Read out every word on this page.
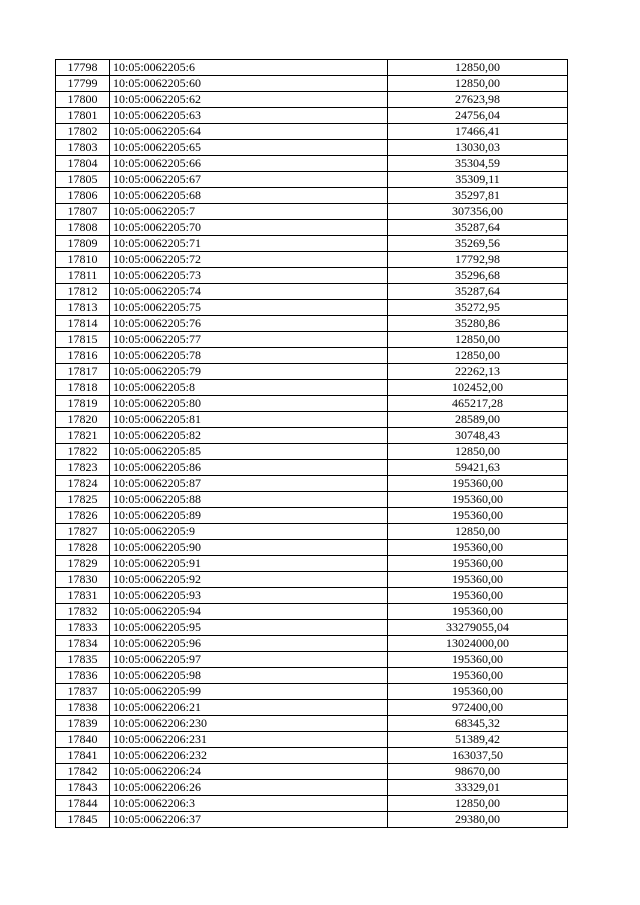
17798	10:05:0062205:6	12850,00
17799	10:05:0062205:60	12850,00
17800	10:05:0062205:62	27623,98
17801	10:05:0062205:63	24756,04
17802	10:05:0062205:64	17466,41
17803	10:05:0062205:65	13030,03
17804	10:05:0062205:66	35304,59
17805	10:05:0062205:67	35309,11
17806	10:05:0062205:68	35297,81
17807	10:05:0062205:7	307356,00
17808	10:05:0062205:70	35287,64
17809	10:05:0062205:71	35269,56
17810	10:05:0062205:72	17792,98
17811	10:05:0062205:73	35296,68
17812	10:05:0062205:74	35287,64
17813	10:05:0062205:75	35272,95
17814	10:05:0062205:76	35280,86
17815	10:05:0062205:77	12850,00
17816	10:05:0062205:78	12850,00
17817	10:05:0062205:79	22262,13
17818	10:05:0062205:8	102452,00
17819	10:05:0062205:80	465217,28
17820	10:05:0062205:81	28589,00
17821	10:05:0062205:82	30748,43
17822	10:05:0062205:85	12850,00
17823	10:05:0062205:86	59421,63
17824	10:05:0062205:87	195360,00
17825	10:05:0062205:88	195360,00
17826	10:05:0062205:89	195360,00
17827	10:05:0062205:9	12850,00
17828	10:05:0062205:90	195360,00
17829	10:05:0062205:91	195360,00
17830	10:05:0062205:92	195360,00
17831	10:05:0062205:93	195360,00
17832	10:05:0062205:94	195360,00
17833	10:05:0062205:95	33279055,04
17834	10:05:0062205:96	13024000,00
17835	10:05:0062205:97	195360,00
17836	10:05:0062205:98	195360,00
17837	10:05:0062205:99	195360,00
17838	10:05:0062206:21	972400,00
17839	10:05:0062206:230	68345,32
17840	10:05:0062206:231	51389,42
17841	10:05:0062206:232	163037,50
17842	10:05:0062206:24	98670,00
17843	10:05:0062206:26	33329,01
17844	10:05:0062206:3	12850,00
17845	10:05:0062206:37	29380,00
